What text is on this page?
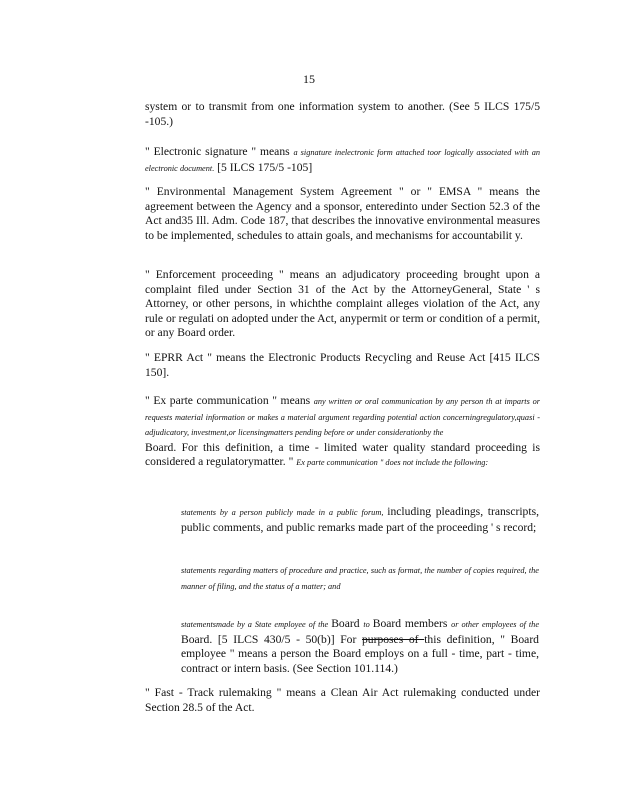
15
system or to transmit from one information system to another. (See 5 ILCS 175/5 -105.)
" Electronic signature " means a signature inelectronic form attached toor logically associated with an electronic document. [5 ILCS 175/5 -105]
" Environmental Management System Agreement " or " EMSA " means the agreement between the Agency and a sponsor, enteredinto under Section 52.3 of the Act and35 Ill. Adm. Code 187, that describes the innovative environmental measures to be implemented, schedules to attain goals, and mechanisms for accountabilit y.
" Enforcement proceeding " means an adjudicatory proceeding brought upon a complaint filed under Section 31 of the Act by the AttorneyGeneral, State ' s Attorney, or other persons, in whichthe complaint alleges violation of the Act, any rule or regulati on adopted under the Act, anypermit or term or condition of a permit, or any Board order.
" EPRR Act " means the Electronic Products Recycling and Reuse Act [415 ILCS 150].
" Ex parte communication " means any written or oral communication by any person th at imparts or requests material information or makes a material argument regarding potential action concerningregulatory,quasi - adjudicatory, investment,or licensingmatters pending before or under considerationby the
Board. For this definition, a time - limited water quality standard proceeding is considered a regulatorymatter. " Ex parte communication " does not include the following:
statements by a person publicly made in a public forum, including pleadings, transcripts, public comments, and public remarks made part of the proceeding ' s record;
statements regarding matters of procedure and practice, such as format, the number of copies required, the manner of filing, and the status of a matter; and
statementsmade by a State employee of the Board to Board members or other employees of the Board. [5 ILCS 430/5 - 50(b)] For purposes of this definition, " Board employee " means a person the Board employs on a full - time, part - time, contract or intern basis. (See Section 101.114.)
" Fast - Track rulemaking " means a Clean Air Act rulemaking conducted under Section 28.5 of the Act.
